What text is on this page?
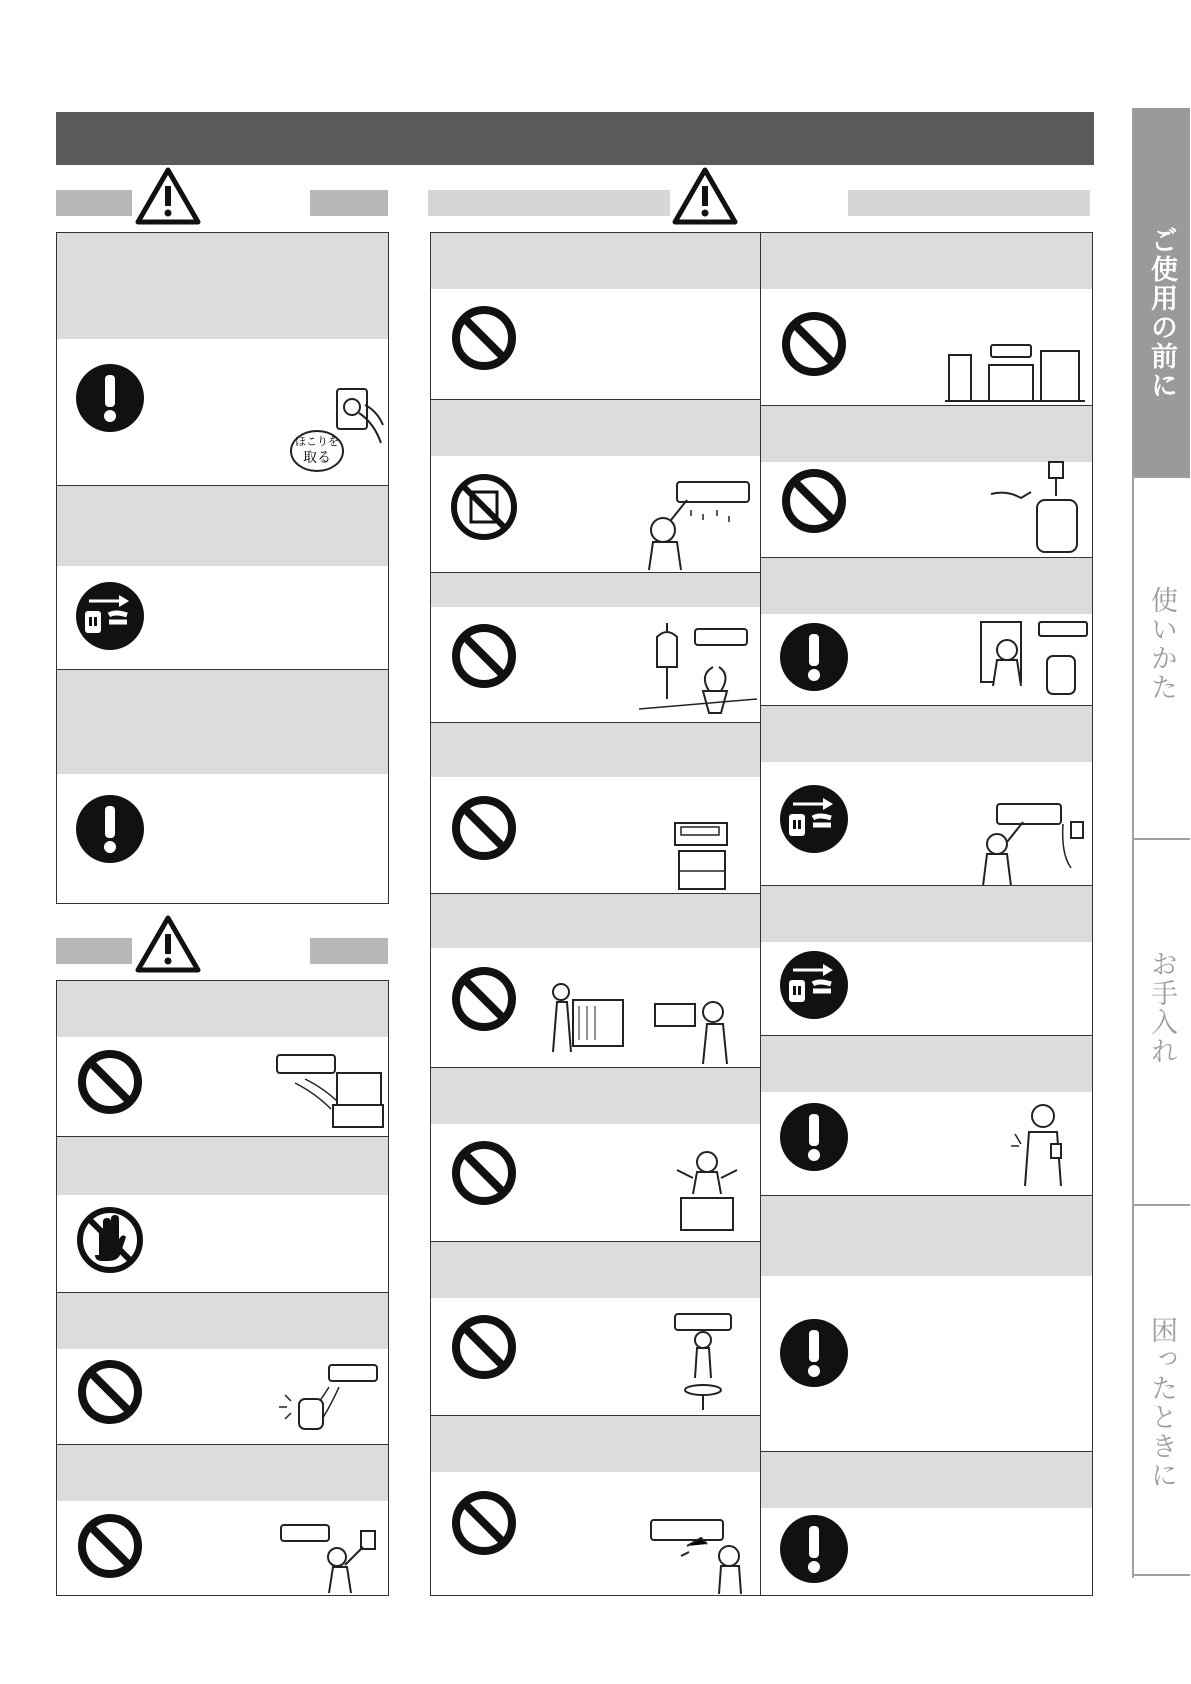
ご使用の前に
使いかた
お手入れ
困ったときに
ほこりを
取る
